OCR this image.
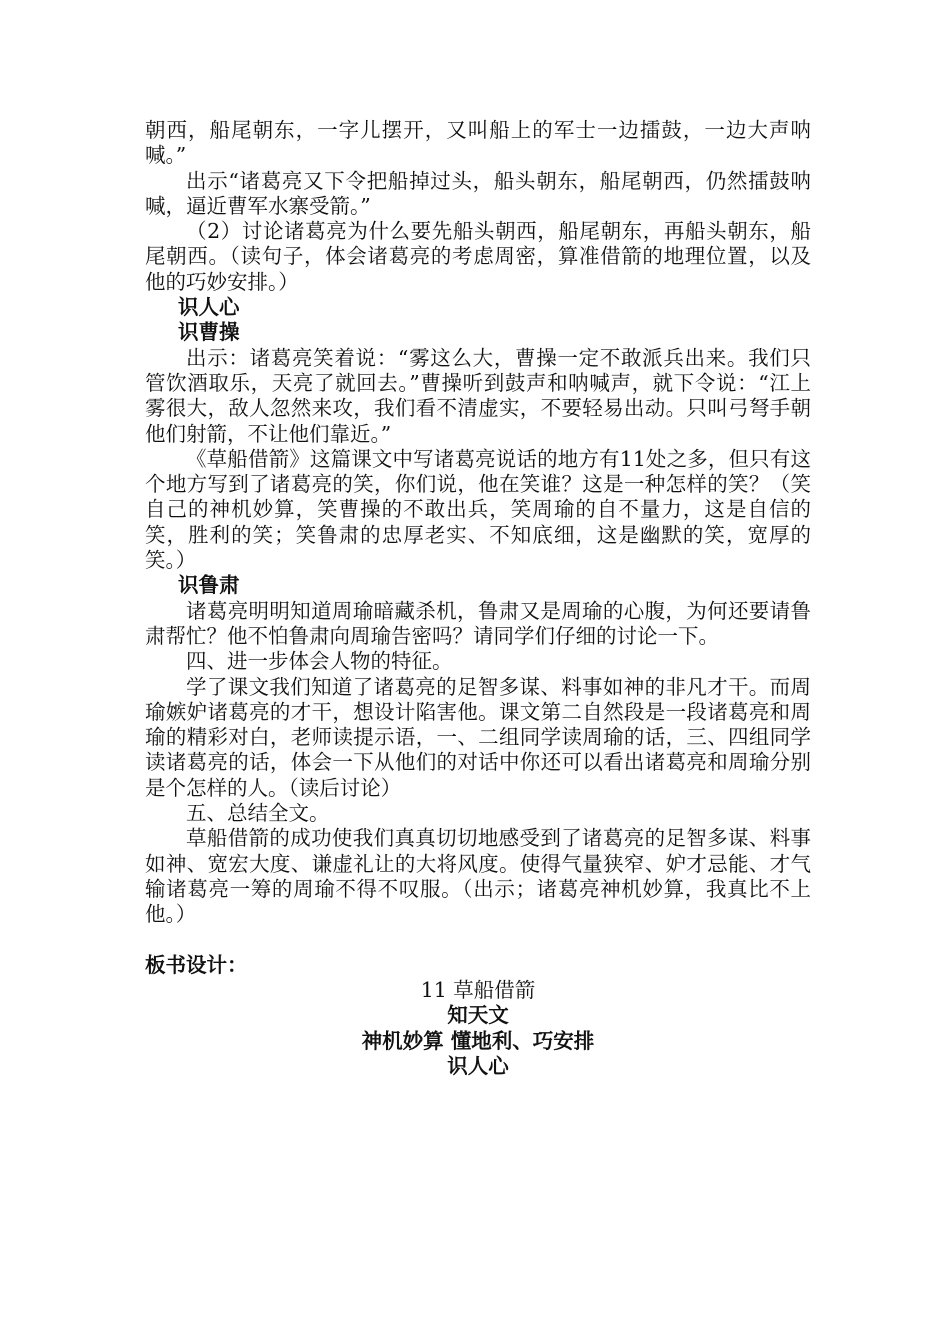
朝西，船尾朝东，一字儿摆开，又叫船上的军士一边擂鼓，一边大声呐喊。”

出示“诸葛亮又下令把船掉过头，船头朝东，船尾朝西，仍然擂鼓呐喊，逼近曹军水寨受箭。”

（2）讨论诸葛亮为什么要先船头朝西，船尾朝东，再船头朝东，船尾朝西。（读句子，体会诸葛亮的考虑周密，算准借箭的地理位置，以及他的巧妙安排。）

识人心

识曹操

出示：诸葛亮笑着说：“雾这么大，曹操一定不敢派兵出来。我们只管饮酒取乐，天亮了就回去。”曹操听到鼓声和呐喊声，就下令说：“江上雾很大，敌人忽然来攻，我们看不清虚实，不要轻易出动。只叫弓弩手朝他们射箭，不让他们靠近。”

《草船借箭》这篇课文中写诸葛亮说话的地方有11处之多，但只有这个地方写到了诸葛亮的笑，你们说，他在笑谁？这是一种怎样的笑？（笑自己的神机妙算，笑曹操的不敢出兵，笑周瑜的自不量力，这是自信的笑，胜利的笑；笑鲁肃的忠厚老实、不知底细，这是幽默的笑，宽厚的笑。）

识鲁肃

诸葛亮明明知道周瑜暗藏杀机，鲁肃又是周瑜的心腹，为何还要请鲁肃帮忙？他不怕鲁肃向周瑜告密吗？请同学们仔细的讨论一下。

四、进一步体会人物的特征。

学了课文我们知道了诸葛亮的足智多谋、料事如神的非凡才干。而周瑜嫉妒诸葛亮的才干，想设计陷害他。课文第二自然段是一段诸葛亮和周瑜的精彩对白，老师读提示语，一、二组同学读周瑜的话，三、四组同学读诸葛亮的话，体会一下从他们的对话中你还可以看出诸葛亮和周瑜分别是个怎样的人。（读后讨论）

五、总结全文。

草船借箭的成功使我们真真切切地感受到了诸葛亮的足智多谋、料事如神、宽宏大度、谦虚礼让的大将风度。使得气量狭窄、妒才忌能、才气输诸葛亮一筹的周瑜不得不叹服。（出示；诸葛亮神机妙算，我真比不上他。）

板书设计：

11 草船借箭

知天文

神机妙算 懂地利、巧安排

识人心
